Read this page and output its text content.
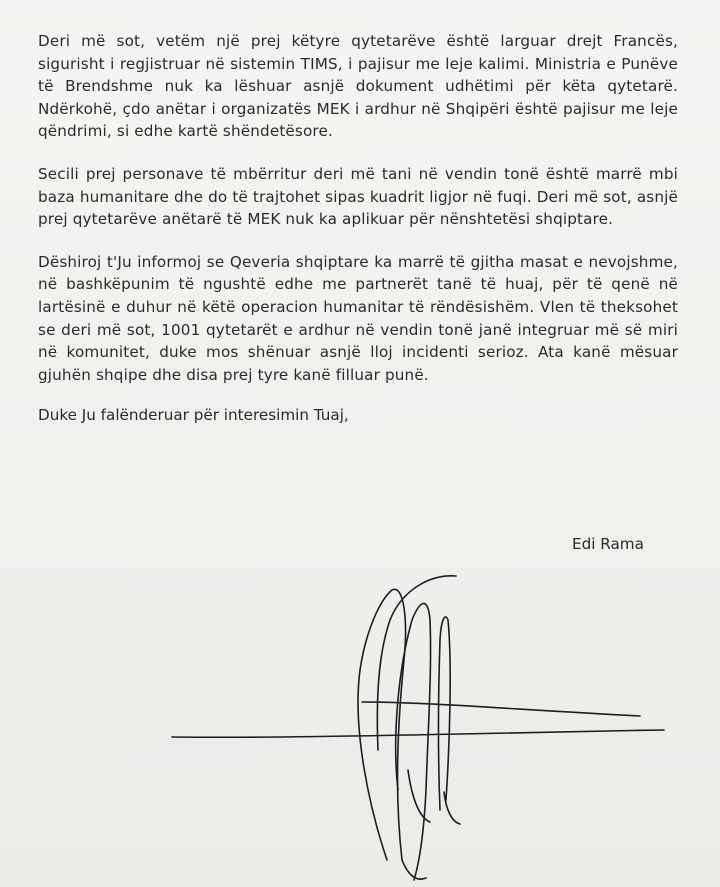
Deri më sot, vetëm një prej këtyre qytetarëve është larguar drejt Francës, sigurisht i regjistruar në sistemin TIMS, i pajisur me leje kalimi. Ministria e Punëve të Brendshme nuk ka lëshuar asnjë dokument udhëtimi për këta qytetarë. Ndërkohë, çdo anëtar i organizatës MEK i ardhur në Shqipëri është pajisur me leje qëndrimi, si edhe kartë shëndetësore.

Secili prej personave të mbërritur deri më tani në vendin tonë është marrë mbi baza humanitare dhe do të trajtohet sipas kuadrit ligjor në fuqi. Deri më sot, asnjë prej qytetarëve anëtarë të MEK nuk ka aplikuar për nënshtetësi shqiptare.

Dëshiroj t'Ju informoj se Qeveria shqiptare ka marrë të gjitha masat e nevojshme, në bashkëpunim të ngushtë edhe me partnerët tanë të huaj, për të qenë në lartësinë e duhur në këtë operacion humanitar të rëndësishëm. Vlen të theksohet se deri më sot, 1001 qytetarët e ardhur në vendin tonë janë integruar më së miri në komunitet, duke mos shënuar asnjë lloj incidenti serioz. Ata kanë mësuar gjuhën shqipe dhe disa prej tyre kanë filluar punë.

Duke Ju falënderuar për interesimin Tuaj,

Edi Rama
